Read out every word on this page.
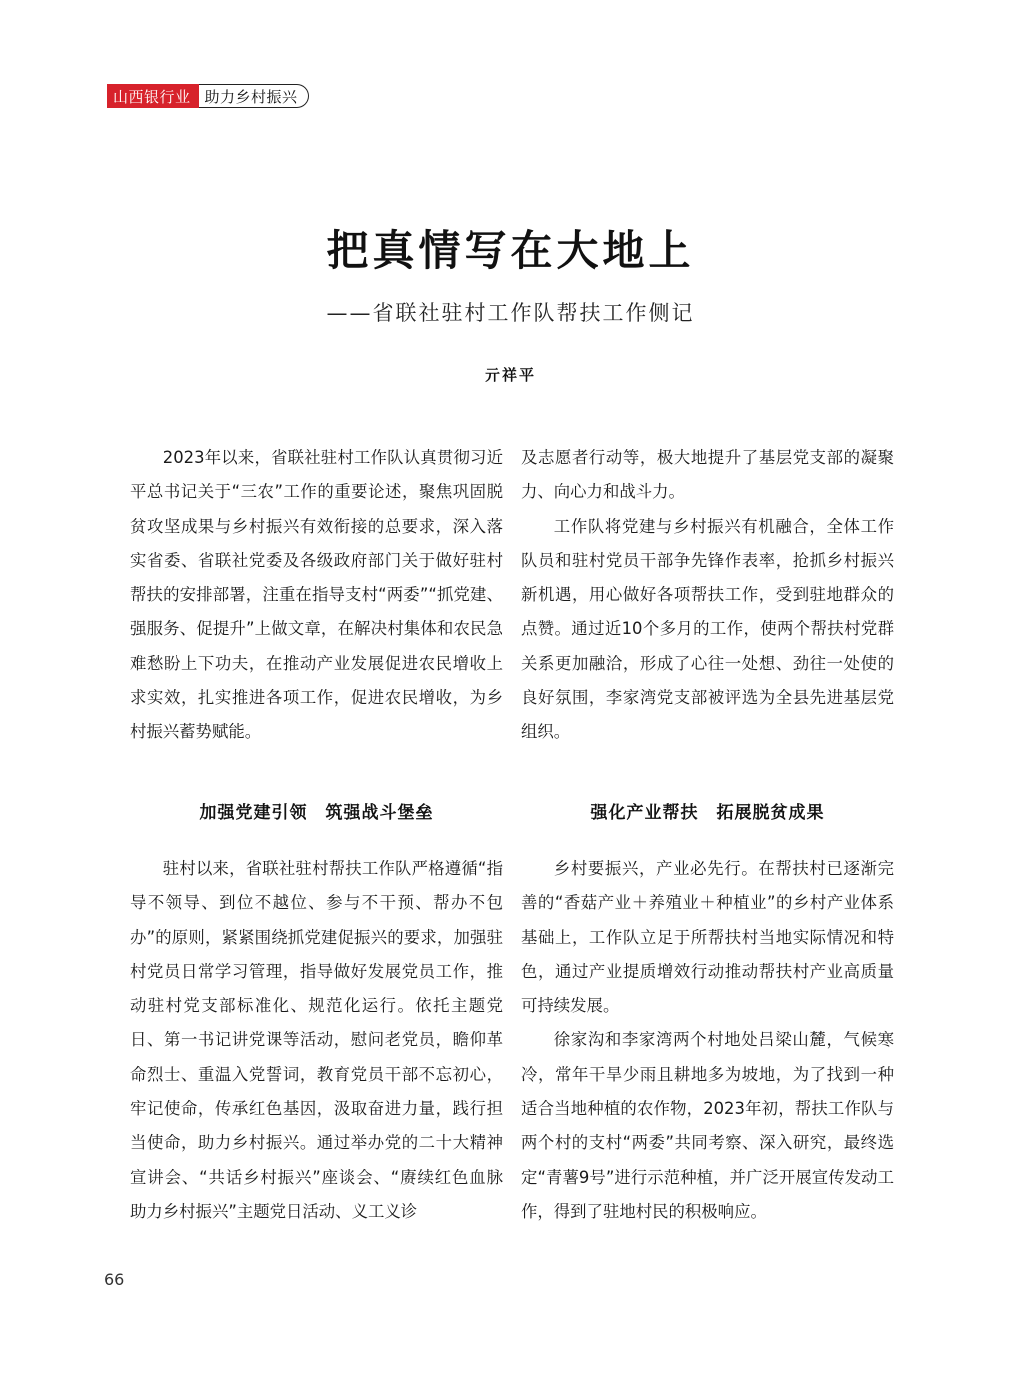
山西银行业 助力乡村振兴
把真情写在大地上
——省联社驻村工作队帮扶工作侧记
亓祥平

2023年以来，省联社驻村工作队认真贯彻习近平总书记关于“三农”工作的重要论述，聚焦巩固脱贫攻坚成果与乡村振兴有效衔接的总要求，深入落实省委、省联社党委及各级政府部门关于做好驻村帮扶的安排部署，注重在指导支村“两委”“抓党建、强服务、促提升”上做文章，在解决村集体和农民急难愁盼上下功夫，在推动产业发展促进农民增收上求实效，扎实推进各项工作，促进农民增收，为乡村振兴蓄势赋能。

加强党建引领　筑强战斗堡垒

驻村以来，省联社驻村帮扶工作队严格遵循“指导不领导、到位不越位、参与不干预、帮办不包办”的原则，紧紧围绕抓党建促振兴的要求，加强驻村党员日常学习管理，指导做好发展党员工作，推动驻村党支部标准化、规范化运行。依托主题党日、第一书记讲党课等活动，慰问老党员，瞻仰革命烈士、重温入党誓词，教育党员干部不忘初心，牢记使命，传承红色基因，汲取奋进力量，践行担当使命，助力乡村振兴。通过举办党的二十大精神宣讲会、“共话乡村振兴”座谈会、“赓续红色血脉　助力乡村振兴”主题党日活动、义工义诊

及志愿者行动等，极大地提升了基层党支部的凝聚力、向心力和战斗力。

工作队将党建与乡村振兴有机融合，全体工作队员和驻村党员干部争先锋作表率，抢抓乡村振兴新机遇，用心做好各项帮扶工作，受到驻地群众的点赞。通过近10个多月的工作，使两个帮扶村党群关系更加融洽，形成了心往一处想、劲往一处使的良好氛围，李家湾党支部被评选为全县先进基层党组织。

强化产业帮扶　拓展脱贫成果

乡村要振兴，产业必先行。在帮扶村已逐渐完善的“香菇产业＋养殖业＋种植业”的乡村产业体系基础上，工作队立足于所帮扶村当地实际情况和特色，通过产业提质增效行动推动帮扶村产业高质量可持续发展。

徐家沟和李家湾两个村地处吕梁山麓，气候寒冷，常年干旱少雨且耕地多为坡地，为了找到一种适合当地种植的农作物，2023年初，帮扶工作队与两个村的支村“两委”共同考察、深入研究，最终选定“青薯9号”进行示范种植，并广泛开展宣传发动工作，得到了驻地村民的积极响应。

66
